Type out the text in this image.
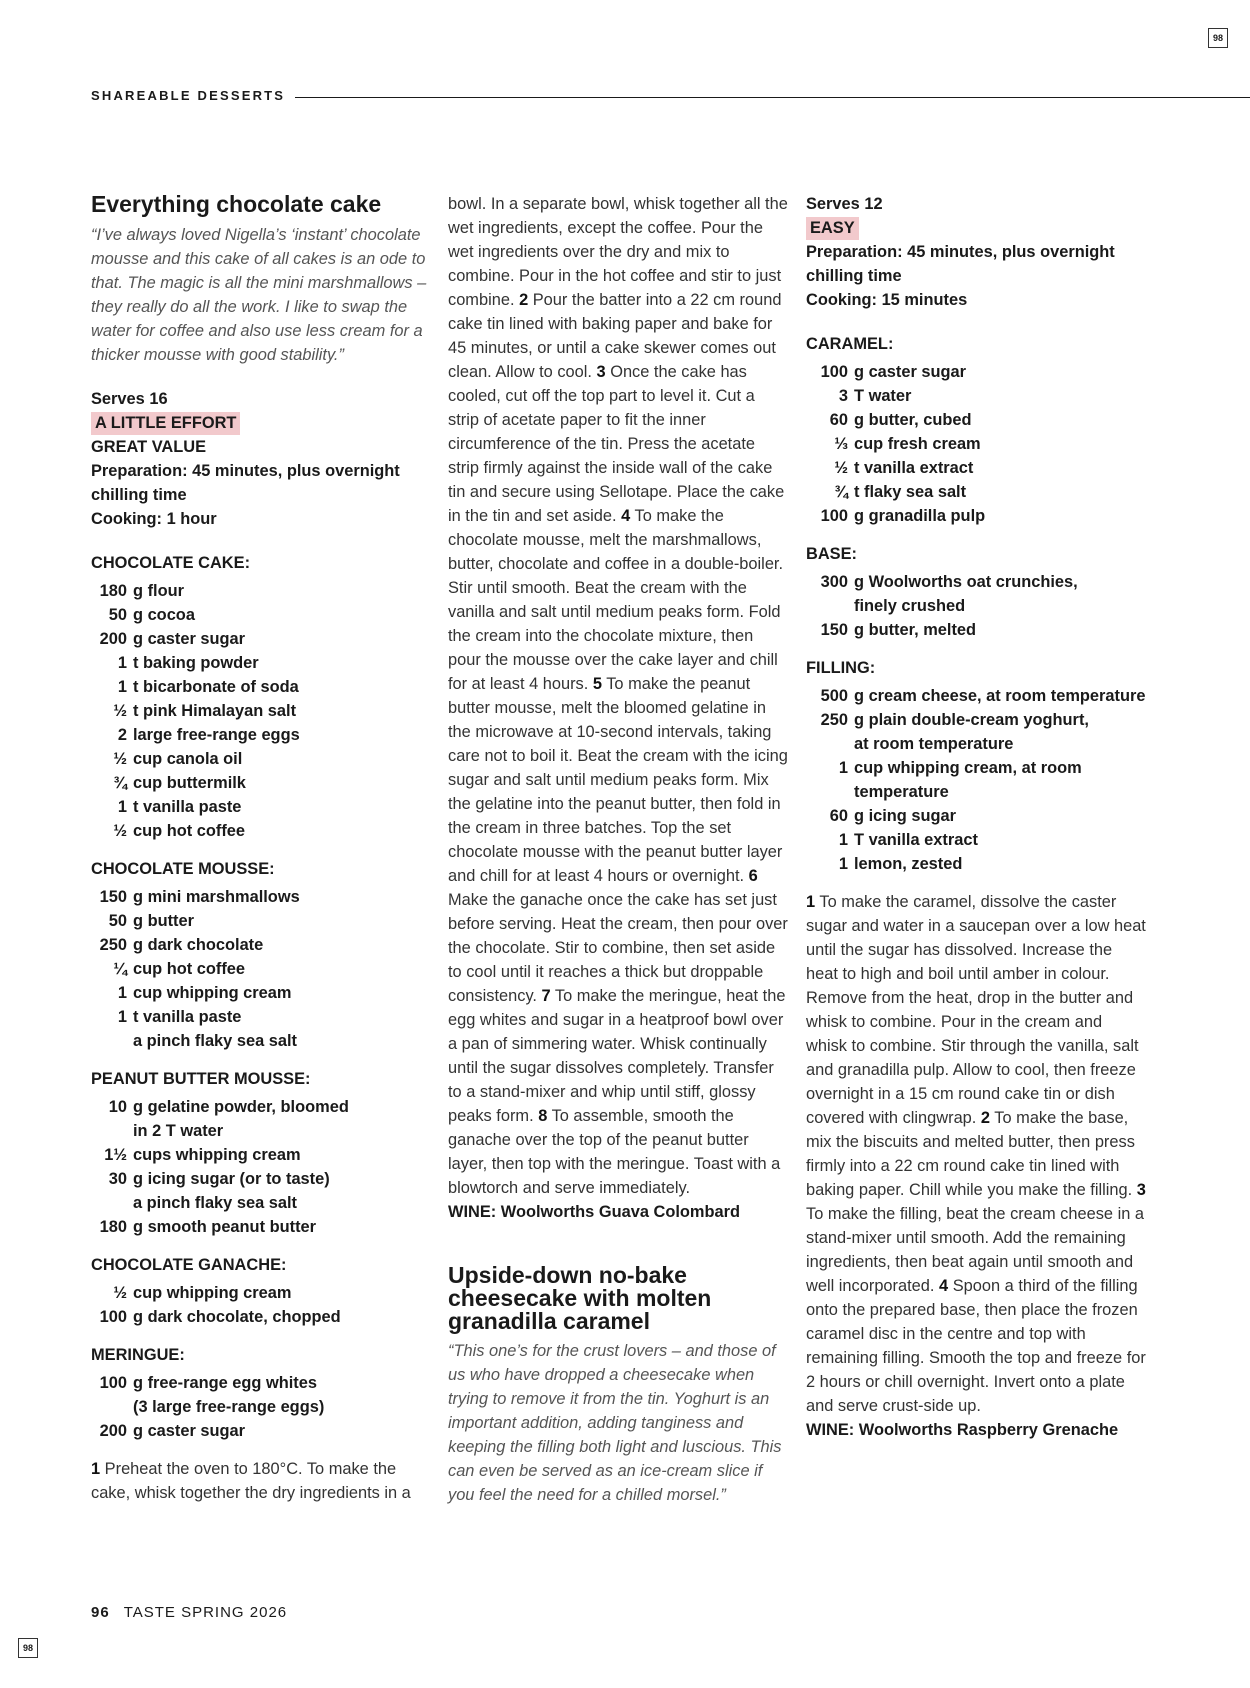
98
98
SHAREABLE DESSERTS
Everything chocolate cake

“I’ve always loved Nigella’s ‘instant’ chocolate mousse and this cake of all cakes is an ode to that. The magic is all the mini marshmallows – they really do all the work. I like to swap the water for coffee and also use less cream for a thicker mousse with good stability.”

Serves 16
A LITTLE EFFORT
GREAT VALUE
Preparation: 45 minutes, plus overnight chilling time
Cooking: 1 hour
CHOCOLATE CAKE:
180 g flour
50 g cocoa
200 g caster sugar
1 t baking powder
1 t bicarbonate of soda
½ t pink Himalayan salt
2 large free-range eggs
½ cup canola oil
¾ cup buttermilk
1 t vanilla paste
½ cup hot coffee
CHOCOLATE MOUSSE:
150 g mini marshmallows
50 g butter
250 g dark chocolate
¼ cup hot coffee
1 cup whipping cream
1 t vanilla paste
a pinch flaky sea salt
PEANUT BUTTER MOUSSE:
10 g gelatine powder, bloomed
in 2 T water
1½ cups whipping cream
30 g icing sugar (or to taste)
a pinch flaky sea salt
180 g smooth peanut butter
CHOCOLATE GANACHE:
½ cup whipping cream
100 g dark chocolate, chopped
MERINGUE:
100 g free-range egg whites
(3 large free-range eggs)
200 g caster sugar

1 Preheat the oven to 180°C. To make the cake, whisk together the dry ingredients in a

bowl. In a separate bowl, whisk together all the wet ingredients, except the coffee. Pour the wet ingredients over the dry and mix to combine. Pour in the hot coffee and stir to just combine. 2 Pour the batter into a 22 cm round cake tin lined with baking paper and bake for 45 minutes, or until a cake skewer comes out clean. Allow to cool. 3 Once the cake has cooled, cut off the top part to level it. Cut a strip of acetate paper to fit the inner circumference of the tin. Press the acetate strip firmly against the inside wall of the cake tin and secure using Sellotape. Place the cake in the tin and set aside. 4 To make the chocolate mousse, melt the marshmallows, butter, chocolate and coffee in a double-boiler. Stir until smooth. Beat the cream with the vanilla and salt until medium peaks form. Fold the cream into the chocolate mixture, then pour the mousse over the cake layer and chill for at least 4 hours. 5 To make the peanut butter mousse, melt the bloomed gelatine in the microwave at 10-second intervals, taking care not to boil it. Beat the cream with the icing sugar and salt until medium peaks form. Mix the gelatine into the peanut butter, then fold in the cream in three batches. Top the set chocolate mousse with the peanut butter layer and chill for at least 4 hours or overnight. 6 Make the ganache once the cake has set just before serving. Heat the cream, then pour over the chocolate. Stir to combine, then set aside to cool until it reaches a thick but droppable consistency. 7 To make the meringue, heat the egg whites and sugar in a heatproof bowl over a pan of simmering water. Whisk continually until the sugar dissolves completely. Transfer to a stand-mixer and whip until stiff, glossy peaks form. 8 To assemble, smooth the ganache over the top of the peanut butter layer, then top with the meringue. Toast with a blowtorch and serve immediately.

WINE: Woolworths Guava Colombard
Upside-down no-bake cheesecake with molten granadilla caramel

“This one’s for the crust lovers – and those of us who have dropped a cheesecake when trying to remove it from the tin. Yoghurt is an important addition, adding tanginess and keeping the filling both light and luscious. This can even be served as an ice-cream slice if you feel the need for a chilled morsel.”

Serves 12
EASY
Preparation: 45 minutes, plus overnight chilling time
Cooking: 15 minutes
CARAMEL:
100 g caster sugar
3 T water
60 g butter, cubed
⅓ cup fresh cream
½ t vanilla extract
¾ t flaky sea salt
100 g granadilla pulp
BASE:
300 g Woolworths oat crunchies,
finely crushed
150 g butter, melted
FILLING:
500 g cream cheese, at room temperature
250 g plain double-cream yoghurt,
at room temperature
1 cup whipping cream, at room
temperature
60 g icing sugar
1 T vanilla extract
1 lemon, zested

1 To make the caramel, dissolve the caster sugar and water in a saucepan over a low heat until the sugar has dissolved. Increase the heat to high and boil until amber in colour. Remove from the heat, drop in the butter and whisk to combine. Pour in the cream and whisk to combine. Stir through the vanilla, salt and granadilla pulp. Allow to cool, then freeze overnight in a 15 cm round cake tin or dish covered with clingwrap. 2 To make the base, mix the biscuits and melted butter, then press firmly into a 22 cm round cake tin lined with baking paper. Chill while you make the filling. 3 To make the filling, beat the cream cheese in a stand-mixer until smooth. Add the remaining ingredients, then beat again until smooth and well incorporated. 4 Spoon a third of the filling onto the prepared base, then place the frozen caramel disc in the centre and top with remaining filling. Smooth the top and freeze for 2 hours or chill overnight. Invert onto a plate and serve crust-side up.

WINE: Woolworths Raspberry Grenache
96 TASTE SPRING 2026
